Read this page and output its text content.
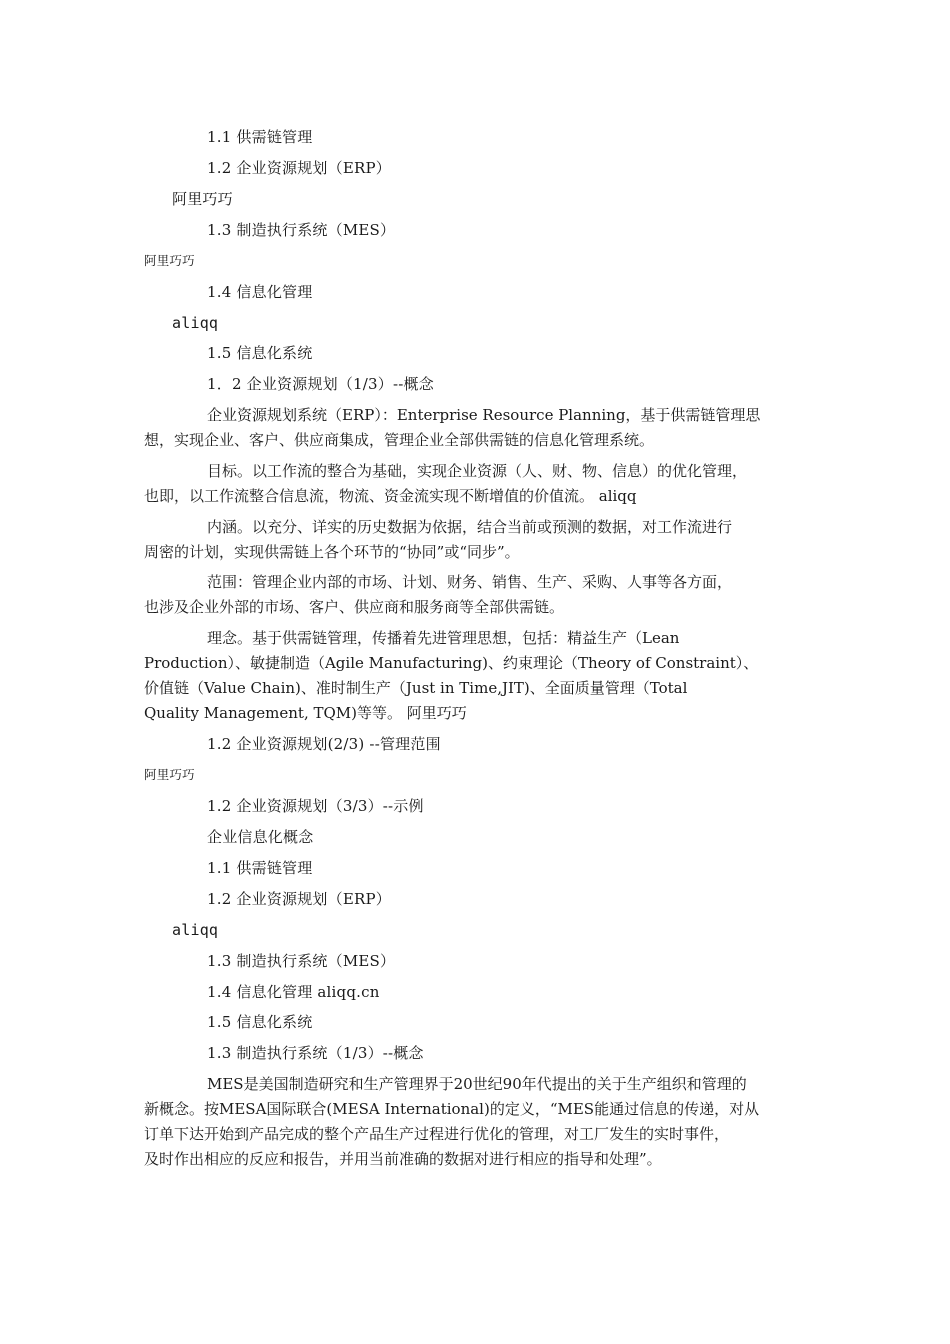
1.1 供需链管理
1.2 企业资源规划（ERP）
阿里巧巧
1.3 制造执行系统（MES）
阿里巧巧
1.4 信息化管理
aliqq
1.5 信息化系统
1．2 企业资源规划（1/3）--概念

企业资源规划系统（ERP）：Enterprise Resource Planning，基于供需链管理思

想，实现企业、客户、供应商集成，管理企业全部供需链的信息化管理系统。

目标。以工作流的整合为基础，实现企业资源（人、财、物、信息）的优化管理，

也即，以工作流整合信息流，物流、资金流实现不断增值的价值流。 aliqq

内涵。以充分、详实的历史数据为依据，结合当前或预测的数据，对工作流进行

周密的计划，实现供需链上各个环节的“协同”或“同步”。

范围：管理企业内部的市场、计划、财务、销售、生产、采购、人事等各方面，

也涉及企业外部的市场、客户、供应商和服务商等全部供需链。

理念。基于供需链管理，传播着先进管理思想，包括：精益生产（Lean

Production）、敏捷制造（Agile Manufacturing)、约束理论（Theory of Constraint）、

价值链（Value Chain)、准时制生产（Just in Time,JIT)、全面质量管理（Total

Quality Management, TQM)等等。 阿里巧巧

1.2 企业资源规划(2/3) --管理范围
阿里巧巧
1.2 企业资源规划（3/3）--示例
企业信息化概念
1.1 供需链管理
1.2 企业资源规划（ERP）
aliqq
1.3 制造执行系统（MES）
1.4 信息化管理 aliqq.cn
1.5 信息化系统
1.3 制造执行系统（1/3）--概念

MES是美国制造研究和生产管理界于20世纪90年代提出的关于生产组织和管理的

新概念。按MESA国际联合(MESA International)的定义，“MES能通过信息的传递，对从

订单下达开始到产品完成的整个产品生产过程进行优化的管理，对工厂发生的实时事件，

及时作出相应的反应和报告，并用当前准确的数据对进行相应的指导和处理”。
